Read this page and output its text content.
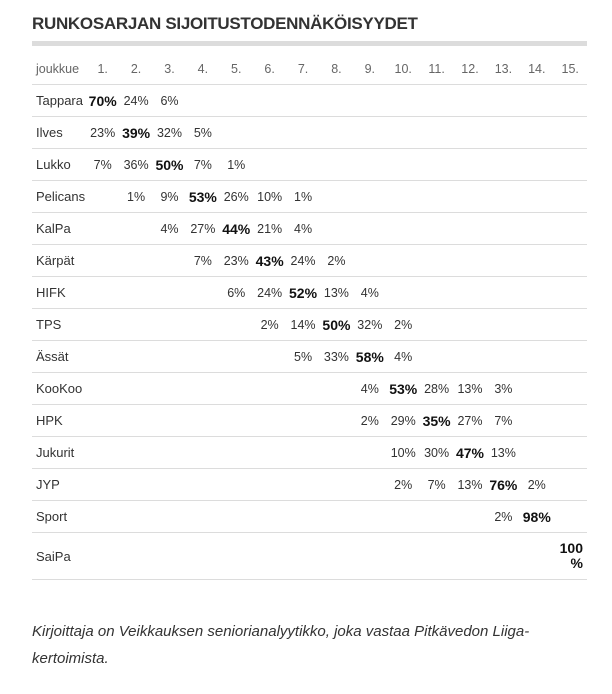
RUNKOSARJAN SIJOITUSTODENNÄKÖISYYDET
joukkue	1.	2.	3.	4.	5.	6.	7.	8.	9.	10.	11.	12.	13.	14.	15.
Tappara	70%	24%	6%												
Ilves	23%	39%	32%	5%											
Lukko	7%	36%	50%	7%	1%										
Pelicans		1%	9%	53%	26%	10%	1%								
KalPa			4%	27%	44%	21%	4%								
Kärpät				7%	23%	43%	24%	2%							
HIFK					6%	24%	52%	13%	4%						
TPS						2%	14%	50%	32%	2%					
Ässät							5%	33%	58%	4%					
KooKoo									4%	53%	28%	13%	3%		
HPK									2%	29%	35%	27%	7%		
Jukurit										10%	30%	47%	13%		
JYP										2%	7%	13%	76%	2%	
Sport													2%	98%	
SaiPa															100 %
Kirjoittaja on Veikkauksen seniorianalyytikko, joka vastaa Pitkävedon Liiga-kertoimista.
